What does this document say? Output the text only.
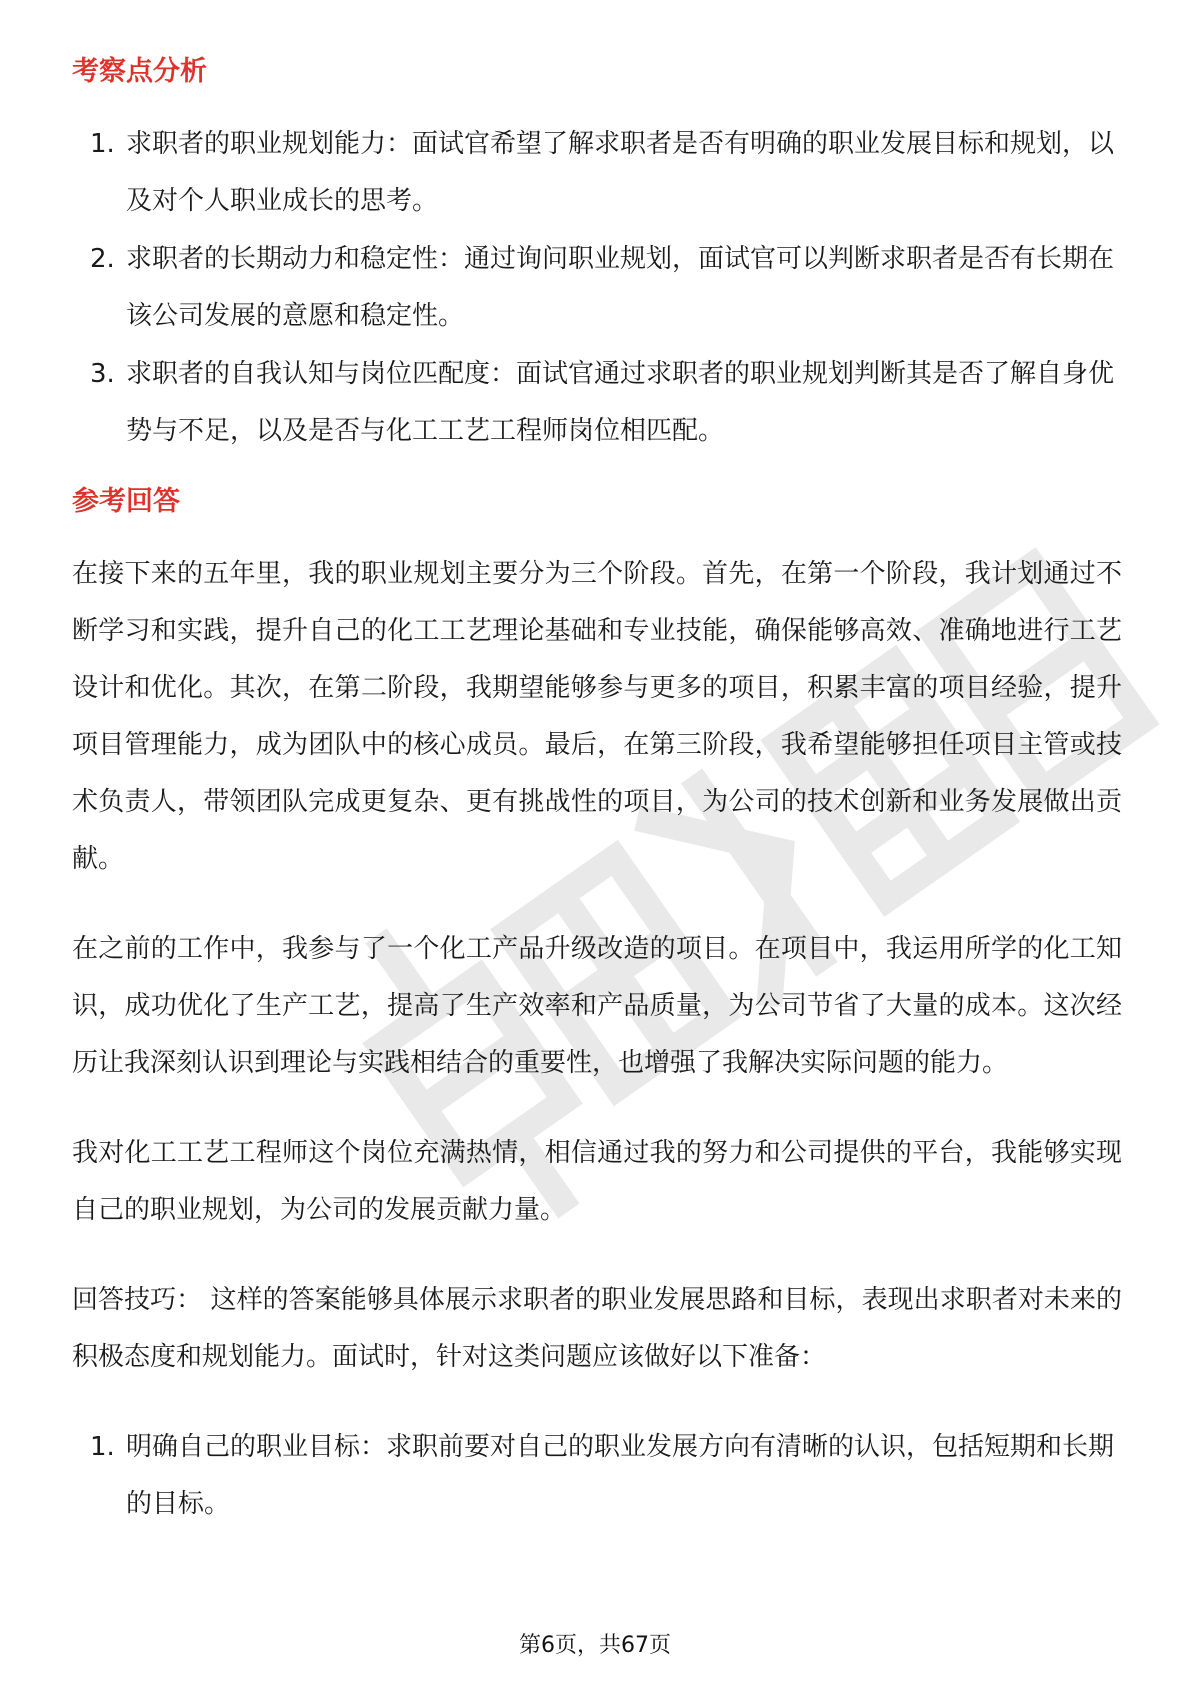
考察点分析
1. 求职者的职业规划能力：面试官希望了解求职者是否有明确的职业发展目标和规划，以及对个人职业成长的思考。
2. 求职者的长期动力和稳定性：通过询问职业规划，面试官可以判断求职者是否有长期在该公司发展的意愿和稳定性。
3. 求职者的自我认知与岗位匹配度：面试官通过求职者的职业规划判断其是否了解自身优势与不足，以及是否与化工工艺工程师岗位相匹配。
参考回答

在接下来的五年里，我的职业规划主要分为三个阶段。首先，在第一个阶段，我计划通过不断学习和实践，提升自己的化工工艺理论基础和专业技能，确保能够高效、准确地进行工艺设计和优化。其次，在第二阶段，我期望能够参与更多的项目，积累丰富的项目经验，提升项目管理能力，成为团队中的核心成员。最后，在第三阶段，我希望能够担任项目主管或技术负责人，带领团队完成更复杂、更有挑战性的项目，为公司的技术创新和业务发展做出贡献。

在之前的工作中，我参与了一个化工产品升级改造的项目。在项目中，我运用所学的化工知识，成功优化了生产工艺，提高了生产效率和产品质量，为公司节省了大量的成本。这次经历让我深刻认识到理论与实践相结合的重要性，也增强了我解决实际问题的能力。

我对化工工艺工程师这个岗位充满热情，相信通过我的努力和公司提供的平台，我能够实现自己的职业规划，为公司的发展贡献力量。

回答技巧： 这样的答案能够具体展示求职者的职业发展思路和目标，表现出求职者对未来的积极态度和规划能力。面试时，针对这类问题应该做好以下准备：

1. 明确自己的职业目标：求职前要对自己的职业发展方向有清晰的认识，包括短期和长期的目标。
第6页，共67页
